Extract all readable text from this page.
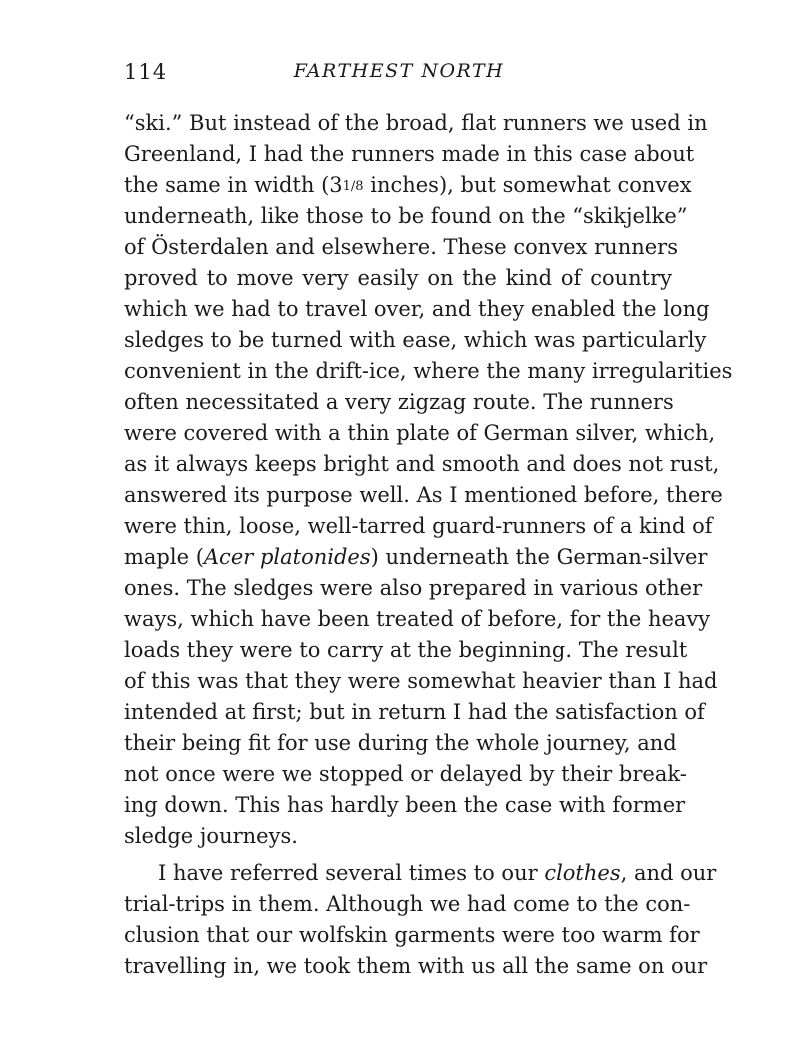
114	FARTHEST NORTH
“ski.” But instead of the broad, flat runners we used in
Greenland, I had the runners made in this case about
the same in width (31/8 inches), but somewhat convex
underneath, like those to be found on the “skikjelke”
of Österdalen and elsewhere. These convex runners
proved to move very easily on the kind of country
which we had to travel over, and they enabled the long
sledges to be turned with ease, which was particularly
convenient in the drift-ice, where the many irregularities
often necessitated a very zigzag route. The runners
were covered with a thin plate of German silver, which,
as it always keeps bright and smooth and does not rust,
answered its purpose well. As I mentioned before, there
were thin, loose, well-tarred guard-runners of a kind of
maple (Acer platonides) underneath the German-silver
ones. The sledges were also prepared in various other
ways, which have been treated of before, for the heavy
loads they were to carry at the beginning. The result
of this was that they were somewhat heavier than I had
intended at first; but in return I had the satisfaction of
their being fit for use during the whole journey, and
not once were we stopped or delayed by their break-
ing down. This has hardly been the case with former
sledge journeys.
I have referred several times to our clothes, and our
trial-trips in them. Although we had come to the con-
clusion that our wolfskin garments were too warm for
travelling in, we took them with us all the same on our
